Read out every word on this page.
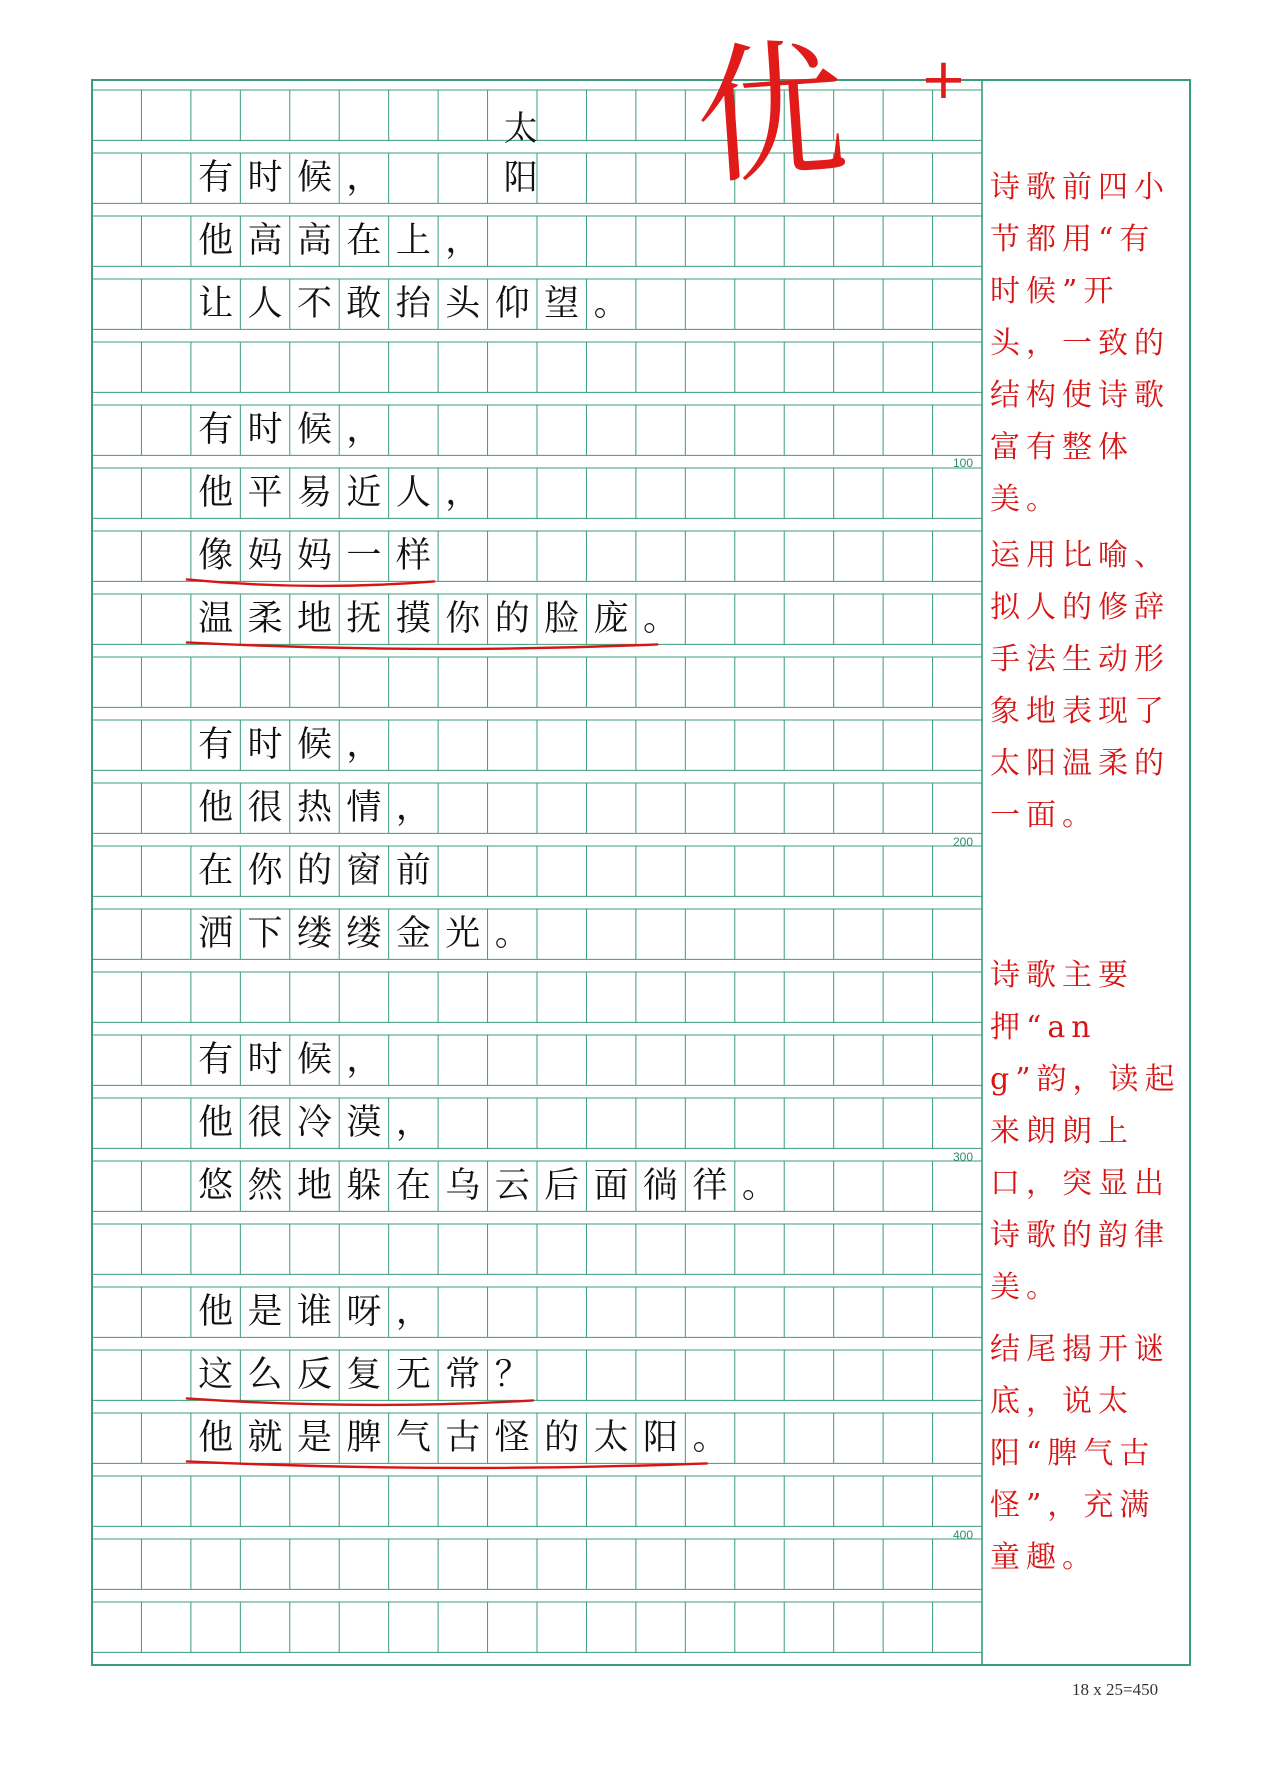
太阳
有 时 候 ，
他 高 高 在 上 ，
让 人 不 敢 抬 头 仰 望 。
有 时 候 ，
他 平 易 近 人 ，
像 妈 妈 一 样
温 柔 地 抚 摸 你 的 脸 庞 。
有 时 候 ，
他 很 热 情 ，
在 你 的 窗 前
洒 下 缕 缕 金 光 。
有 时 候 ，
他 很 冷 漠 ，
悠 然 地 躲 在 乌 云 后 面 徜 徉 。
他 是 谁 呀 ，
这 么 反 复 无 常 ？
他 就 是 脾 气 古 怪 的 太 阳 。
诗歌前四小节都用“有时候”开头，一致的结构使诗歌富有整体美。
运用比喻、拟人的修辞手法生动形象地表现了太阳温柔的一面。
诗歌主要押“ang”韵，读起来朗朗上口，突显出诗歌的韵律美。
结尾揭开谜底，说太阳“脾气古怪”，充满童趣。
100
200
300
400
18 x 25=450
优 +
